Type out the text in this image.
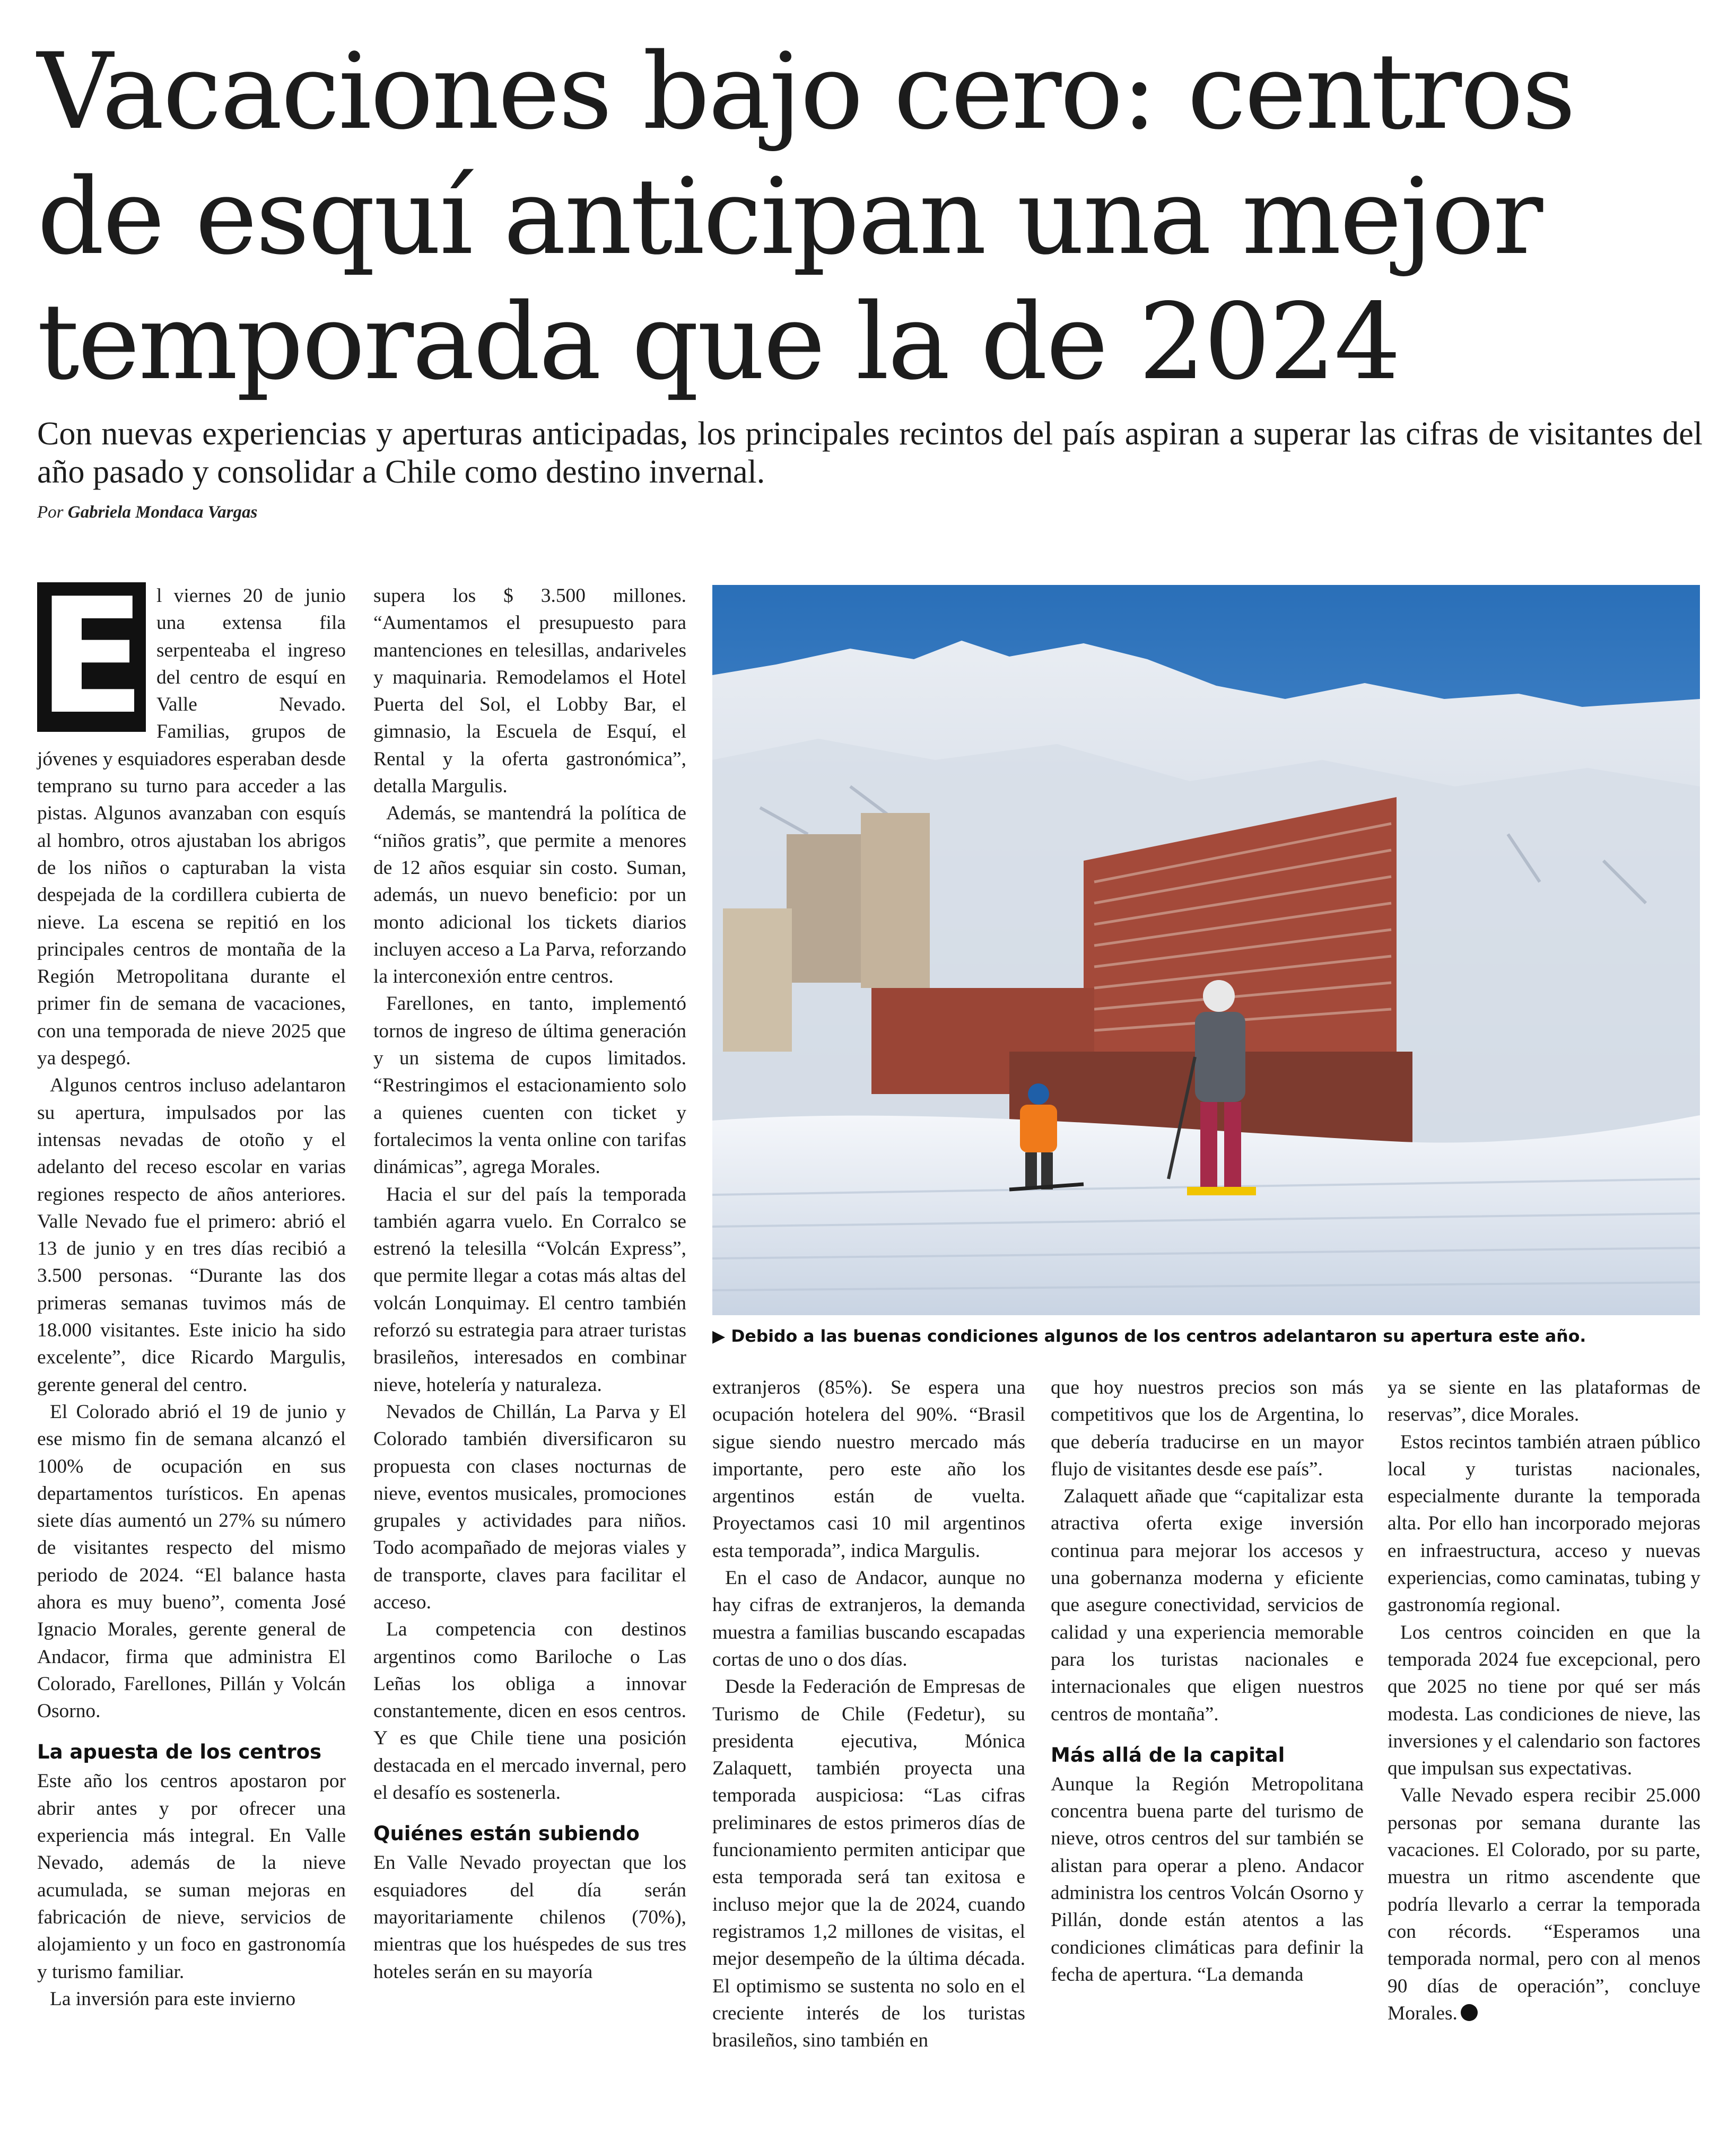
Vacaciones bajo cero: centros
de esquí anticipan una mejor
temporada que la de 2024

Con nuevas experiencias y aperturas anticipadas, los principales recintos del país aspiran a superar las cifras de visitantes del año pasado y consolidar a Chile como destino invernal.

Por Gabriela Mondaca Vargas

E l viernes 20 de junio una extensa fila serpenteaba el ingreso del centro de esquí en Valle Nevado. Familias, grupos de jóvenes y esquiadores esperaban desde temprano su turno para acceder a las pistas. Algunos avanzaban con esquís al hombro, otros ajustaban los abrigos de los niños o capturaban la vista despejada de la cordillera cubierta de nieve. La escena se repitió en los principales centros de montaña de la Región Metropolitana durante el primer fin de semana de vacaciones, con una temporada de nieve 2025 que ya despegó.

Algunos centros incluso adelantaron su apertura, impulsados por las intensas nevadas de otoño y el adelanto del receso escolar en varias regiones respecto de años anteriores. Valle Nevado fue el primero: abrió el 13 de junio y en tres días recibió a 3.500 personas. “Durante las dos primeras semanas tuvimos más de 18.000 visitantes. Este inicio ha sido excelente”, dice Ricardo Margulis, gerente general del centro.

El Colorado abrió el 19 de junio y ese mismo fin de semana alcanzó el 100% de ocupación en sus departamentos turísticos. En apenas siete días aumentó un 27% su número de visitantes respecto del mismo periodo de 2024. “El balance hasta ahora es muy bueno”, comenta José Ignacio Morales, gerente general de Andacor, firma que administra El Colorado, Farellones, Pillán y Volcán Osorno.

La apuesta de los centros

Este año los centros apostaron por abrir antes y por ofrecer una experiencia más integral. En Valle Nevado, además de la nieve acumulada, se suman mejoras en fabricación de nieve, servicios de alojamiento y un foco en gastronomía y turismo familiar.

La inversión para este invierno

supera los $ 3.500 millones. “Aumentamos el presupuesto para mantenciones en telesillas, andariveles y maquinaria. Remodelamos el Hotel Puerta del Sol, el Lobby Bar, el gimnasio, la Escuela de Esquí, el Rental y la oferta gastronómica”, detalla Margulis.

Además, se mantendrá la política de “niños gratis”, que permite a menores de 12 años esquiar sin costo. Suman, además, un nuevo beneficio: por un monto adicional los tickets diarios incluyen acceso a La Parva, reforzando la interconexión entre centros.

Farellones, en tanto, implementó tornos de ingreso de última generación y un sistema de cupos limitados. “Restringimos el estacionamiento solo a quienes cuenten con ticket y fortalecimos la venta online con tarifas dinámicas”, agrega Morales.

Hacia el sur del país la temporada también agarra vuelo. En Corralco se estrenó la telesilla “Volcán Express”, que permite llegar a cotas más altas del volcán Lonquimay. El centro también reforzó su estrategia para atraer turistas brasileños, interesados en combinar nieve, hotelería y naturaleza.

Nevados de Chillán, La Parva y El Colorado también diversificaron su propuesta con clases nocturnas de nieve, eventos musicales, promociones grupales y actividades para niños. Todo acompañado de mejoras viales y de transporte, claves para facilitar el acceso.

La competencia con destinos argentinos como Bariloche o Las Leñas los obliga a innovar constantemente, dicen en esos centros. Y es que Chile tiene una posición destacada en el mercado invernal, pero el desafío es sostenerla.

Quiénes están subiendo

En Valle Nevado proyectan que los esquiadores del día serán mayoritariamente chilenos (70%), mientras que los huéspedes de sus tres hoteles serán en su mayoría

▶ Debido a las buenas condiciones algunos de los centros adelantaron su apertura este año.

extranjeros (85%). Se espera una ocupación hotelera del 90%. “Brasil sigue siendo nuestro mercado más importante, pero este año los argentinos están de vuelta. Proyectamos casi 10 mil argentinos esta temporada”, indica Margulis.

En el caso de Andacor, aunque no hay cifras de extranjeros, la demanda muestra a familias buscando escapadas cortas de uno o dos días.

Desde la Federación de Empresas de Turismo de Chile (Fedetur), su presidenta ejecutiva, Mónica Zalaquett, también proyecta una temporada auspiciosa: “Las cifras preliminares de estos primeros días de funcionamiento permiten anticipar que esta temporada será tan exitosa e incluso mejor que la de 2024, cuando registramos 1,2 millones de visitas, el mejor desempeño de la última década. El optimismo se sustenta no solo en el creciente interés de los turistas brasileños, sino también en

que hoy nuestros precios son más competitivos que los de Argentina, lo que debería traducirse en un mayor flujo de visitantes desde ese país”.

Zalaquett añade que “capitalizar esta atractiva oferta exige inversión continua para mejorar los accesos y una gobernanza moderna y eficiente que asegure conectividad, servicios de calidad y una experiencia memorable para los turistas nacionales e internacionales que eligen nuestros centros de montaña”.

Más allá de la capital

Aunque la Región Metropolitana concentra buena parte del turismo de nieve, otros centros del sur también se alistan para operar a pleno. Andacor administra los centros Volcán Osorno y Pillán, donde están atentos a las condiciones climáticas para definir la fecha de apertura. “La demanda

ya se siente en las plataformas de reservas”, dice Morales.

Estos recintos también atraen público local y turistas nacionales, especialmente durante la temporada alta. Por ello han incorporado mejoras en infraestructura, acceso y nuevas experiencias, como caminatas, tubing y gastronomía regional.

Los centros coinciden en que la temporada 2024 fue excepcional, pero que 2025 no tiene por qué ser más modesta. Las condiciones de nieve, las inversiones y el calendario son factores que impulsan sus expectativas.

Valle Nevado espera recibir 25.000 personas por semana durante las vacaciones. El Colorado, por su parte, muestra un ritmo ascendente que podría llevarlo a cerrar la temporada con récords. “Esperamos una temporada normal, pero con al menos 90 días de operación”, concluye Morales.
